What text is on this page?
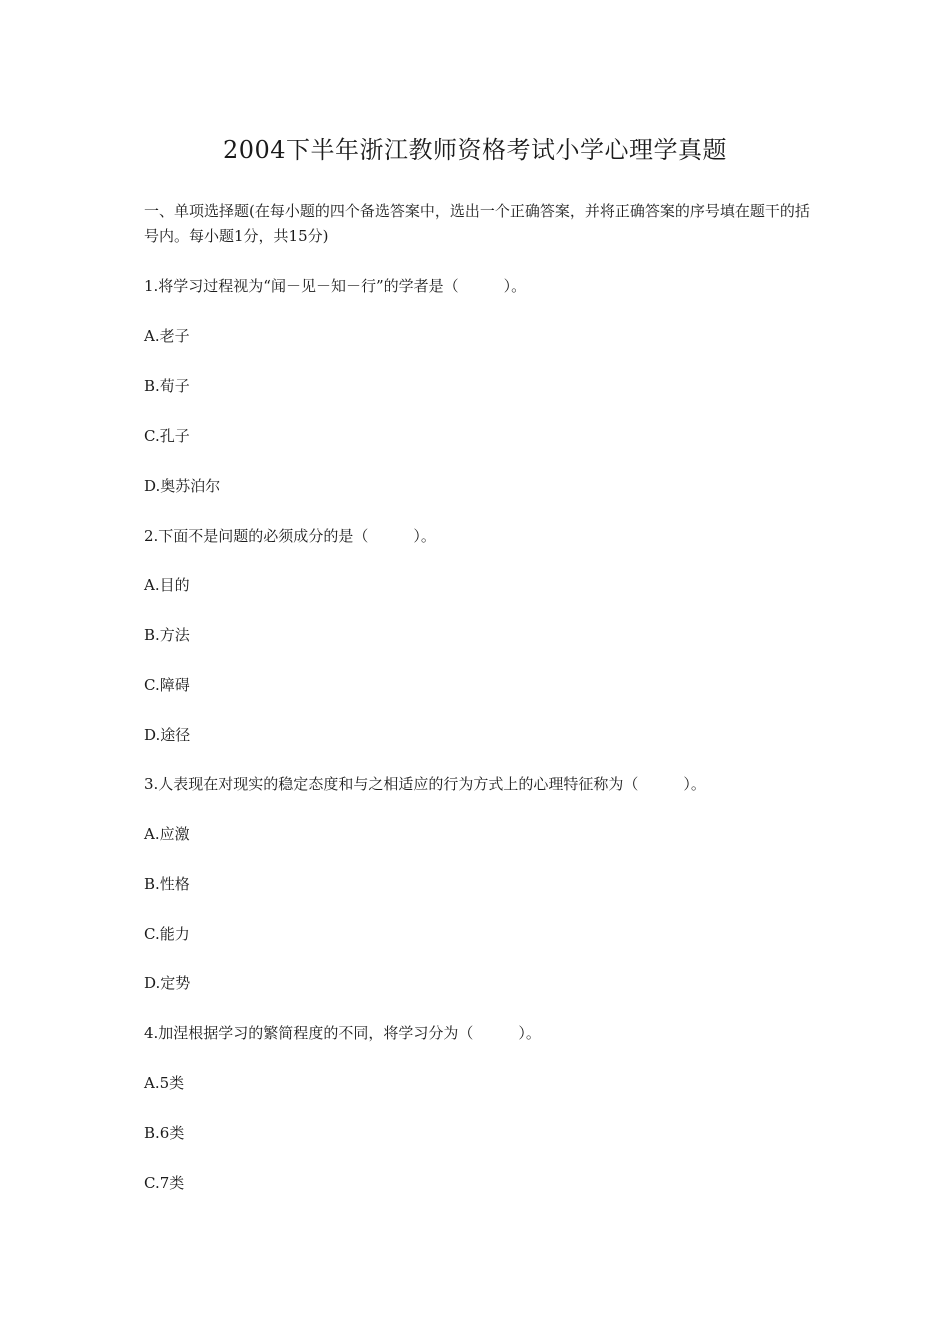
2004下半年浙江教师资格考试小学心理学真题
一、单项选择题(在每小题的四个备选答案中，选出一个正确答案，并将正确答案的序号填在题干的括号内。每小题1分，共15分)
1.将学习过程视为“闻－见－知－行”的学者是（　　　）。
A.老子
B.荀子
C.孔子
D.奥苏泊尔
2.下面不是问题的必须成分的是（　　　）。
A.目的
B.方法
C.障碍
D.途径
3.人表现在对现实的稳定态度和与之相适应的行为方式上的心理特征称为（　　　）。
A.应激
B.性格
C.能力
D.定势
4.加涅根据学习的繁简程度的不同，将学习分为（　　　）。
A.5类
B.6类
C.7类
